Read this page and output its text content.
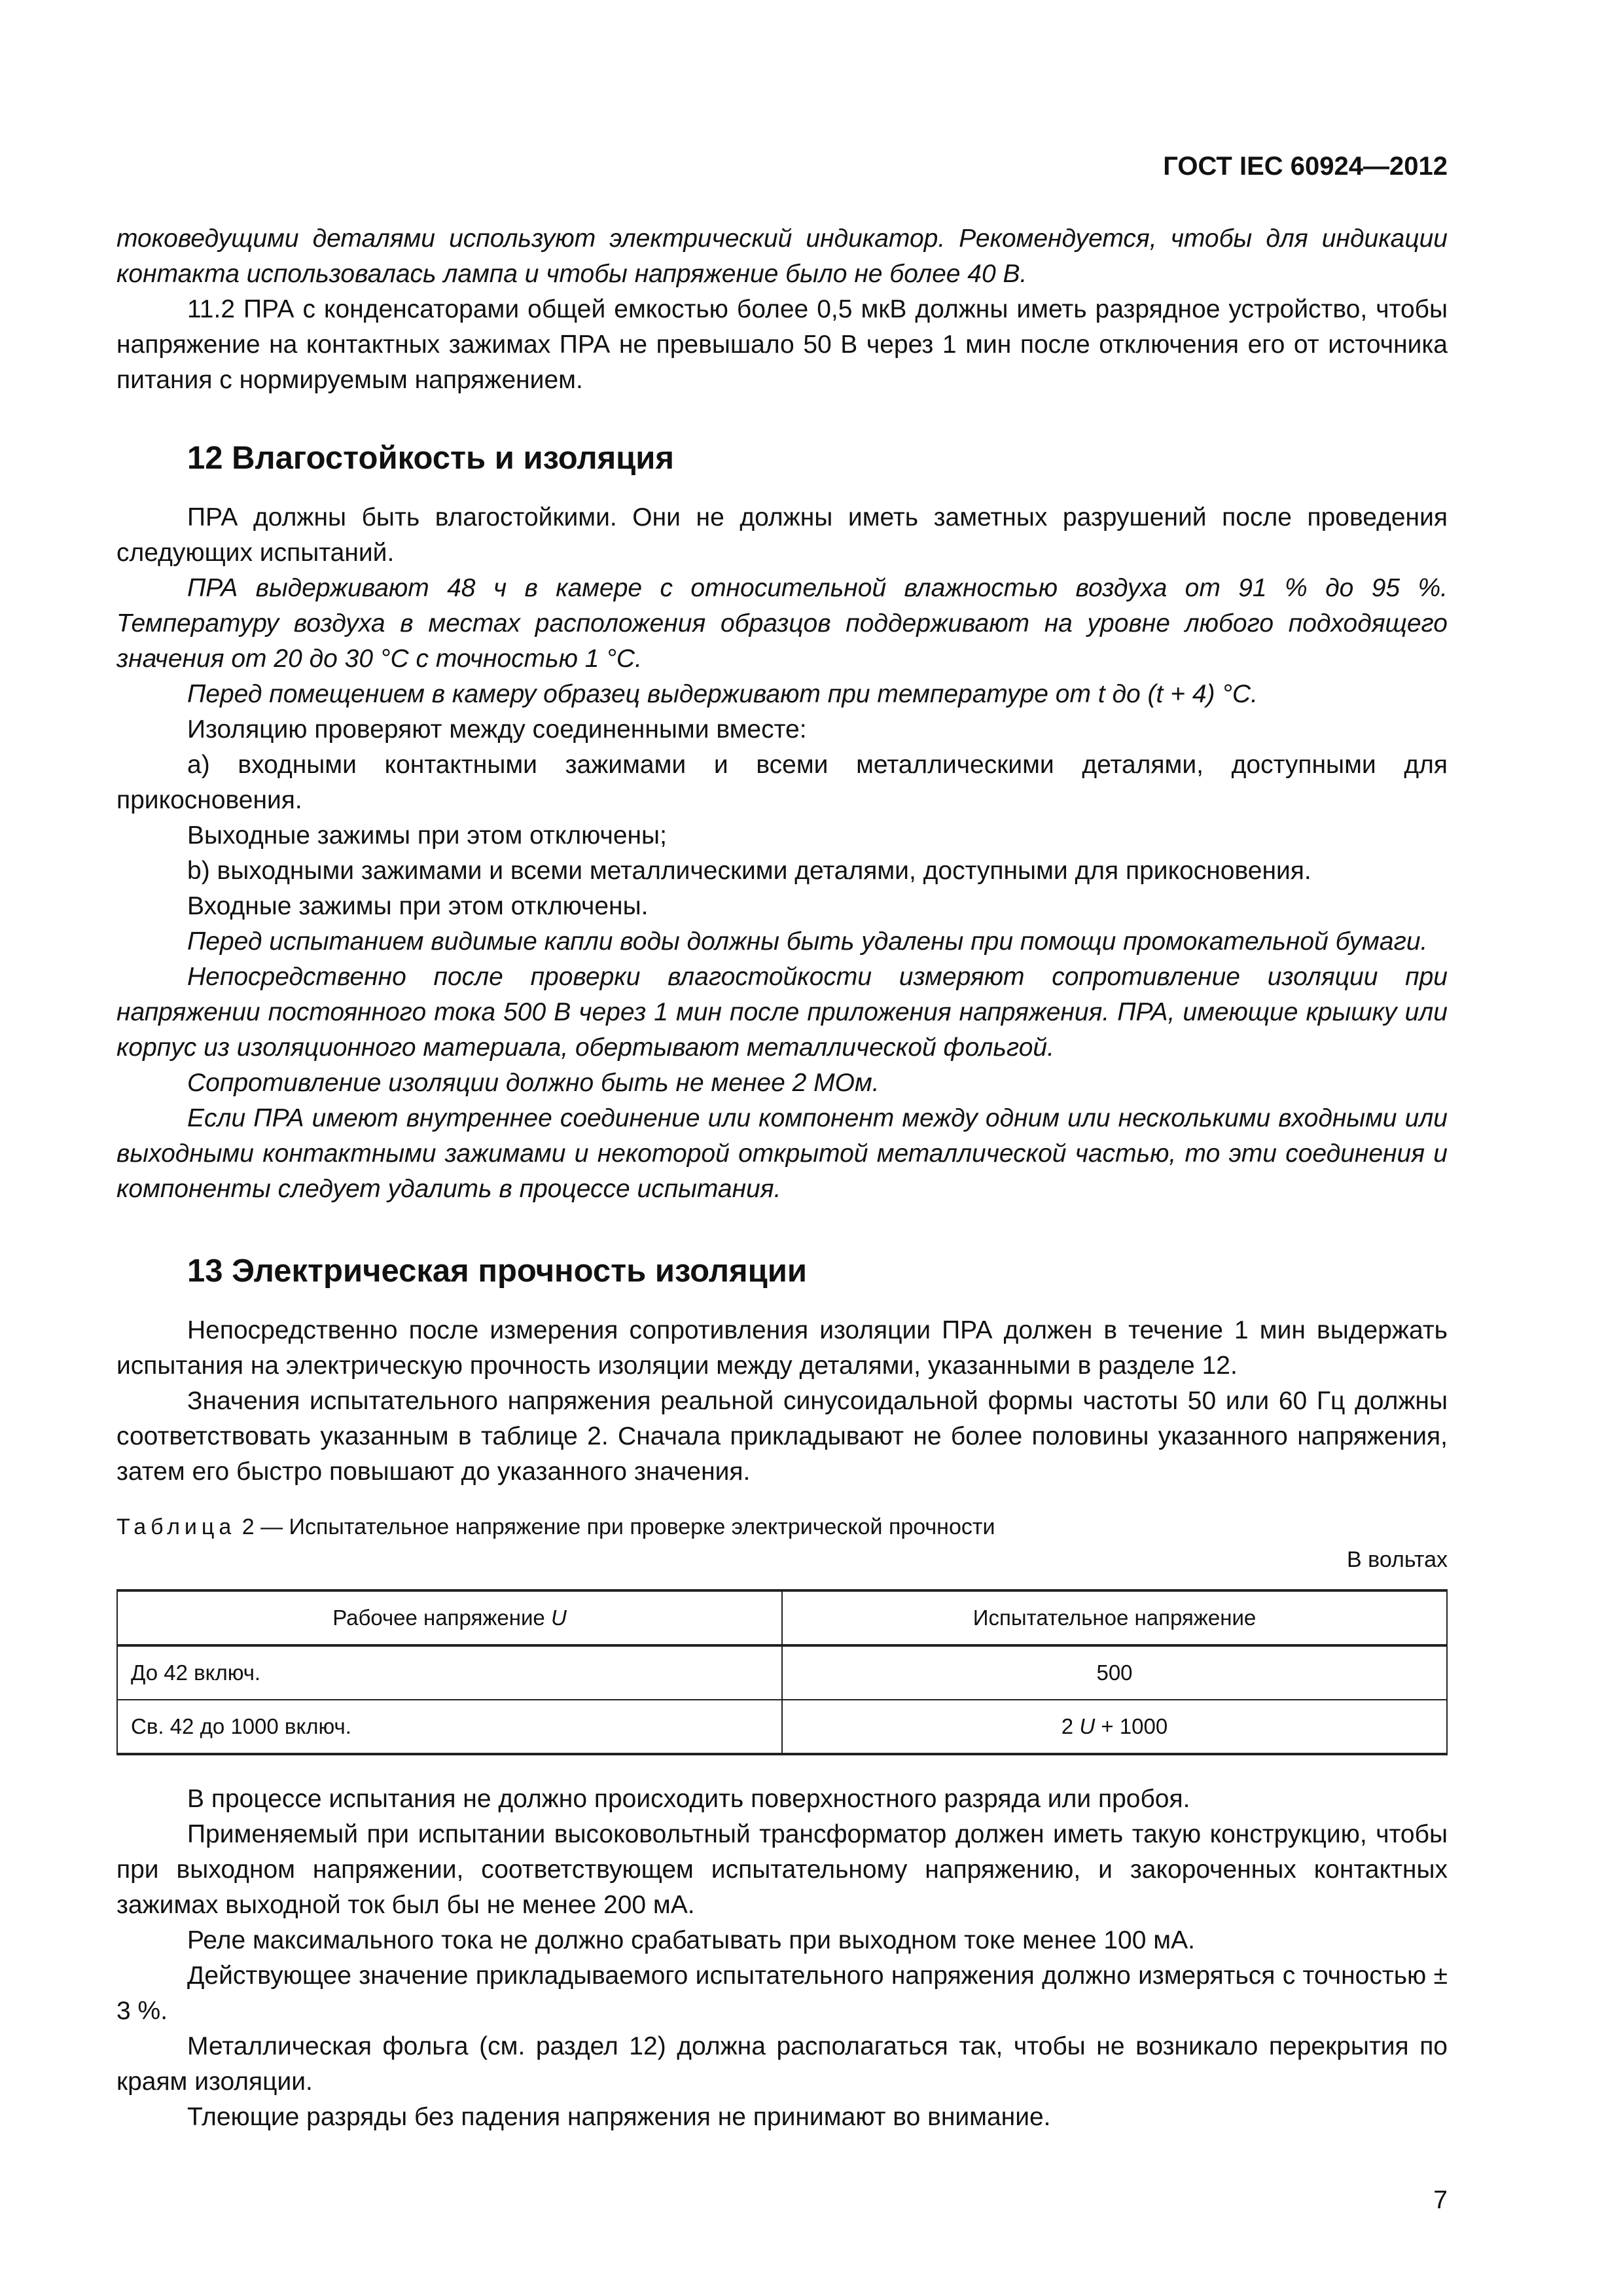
ГОСТ IEC 60924—2012

токоведущими деталями используют электрический индикатор. Рекомендуется, чтобы для индикации контакта использовалась лампа и чтобы напряжение было не более 40 В.

11.2 ПРА с конденсаторами общей емкостью более 0,5 мкВ должны иметь разрядное устройство, чтобы напряжение на контактных зажимах ПРА не превышало 50 В через 1 мин после отключения его от источника питания с нормируемым напряжением.

12 Влагостойкость и изоляция

ПРА должны быть влагостойкими. Они не должны иметь заметных разрушений после проведения следующих испытаний.

ПРА выдерживают 48 ч в камере с относительной влажностью воздуха от 91 % до 95 %. Температуру воздуха в местах расположения образцов поддерживают на уровне любого подходящего значения от 20 до 30 °С с точностью 1 °С.

Перед помещением в камеру образец выдерживают при температуре от t до (t + 4) °С.

Изоляцию проверяют между соединенными вместе:

а) входными контактными зажимами и всеми металлическими деталями, доступными для прикосновения.

Выходные зажимы при этом отключены;

b) выходными зажимами и всеми металлическими деталями, доступными для прикосновения.

Входные зажимы при этом отключены.

Перед испытанием видимые капли воды должны быть удалены при помощи промокательной бумаги.

Непосредственно после проверки влагостойкости измеряют сопротивление изоляции при напряжении постоянного тока 500 В через 1 мин после приложения напряжения. ПРА, имеющие крышку или корпус из изоляционного материала, обертывают металлической фольгой.

Сопротивление изоляции должно быть не менее 2 МОм.

Если ПРА имеют внутреннее соединение или компонент между одним или несколькими входными или выходными контактными зажимами и некоторой открытой металлической частью, то эти соединения и компоненты следует удалить в процессе испытания.

13 Электрическая прочность изоляции

Непосредственно после измерения сопротивления изоляции ПРА должен в течение 1 мин выдержать испытания на электрическую прочность изоляции между деталями, указанными в разделе 12.

Значения испытательного напряжения реальной синусоидальной формы частоты 50 или 60 Гц должны соответствовать указанным в таблице 2. Сначала прикладывают не более половины указанного напряжения, затем его быстро повышают до указанного значения.

Таблица 2 — Испытательное напряжение при проверке электрической прочности
В вольтах
Рабочее напряжение U	Испытательное напряжение
До 42 включ.	500
Св. 42 до 1000 включ.	2 U + 1000

В процессе испытания не должно происходить поверхностного разряда или пробоя.

Применяемый при испытании высоковольтный трансформатор должен иметь такую конструкцию, чтобы при выходном напряжении, соответствующем испытательному напряжению, и закороченных контактных зажимах выходной ток был бы не менее 200 мА.

Реле максимального тока не должно срабатывать при выходном токе менее 100 мА.

Действующее значение прикладываемого испытательного напряжения должно измеряться с точностью ± 3 %.

Металлическая фольга (см. раздел 12) должна располагаться так, чтобы не возникало перекрытия по краям изоляции.

Тлеющие разряды без падения напряжения не принимают во внимание.

7
